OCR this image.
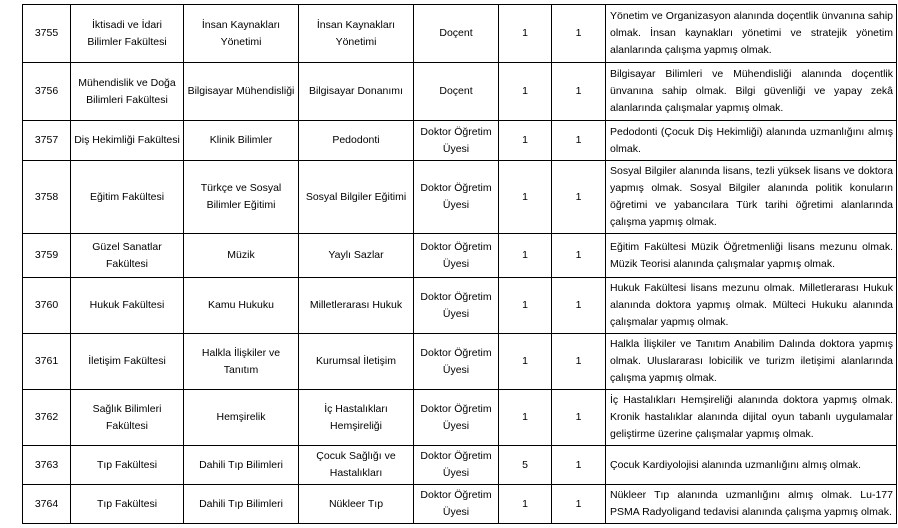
3755	İktisadi ve İdari Bilimler Fakültesi	İnsan Kaynakları Yönetimi	İnsan Kaynakları Yönetimi	Doçent	1	1	Yönetim ve Organizasyon alanında doçentlik ünvanına sahip olmak. İnsan kaynakları yönetimi ve stratejik yönetim alanlarında çalışma yapmış olmak.
3756	Mühendislik ve Doğa Bilimleri Fakültesi	Bilgisayar Mühendisliği	Bilgisayar Donanımı	Doçent	1	1	Bilgisayar Bilimleri ve Mühendisliği alanında doçentlik ünvanına sahip olmak. Bilgi güvenliği ve yapay zekâ alanlarında çalışmalar yapmış olmak.
3757	Diş Hekimliği Fakültesi	Klinik Bilimler	Pedodonti	Doktor Öğretim Üyesi	1	1	Pedodonti (Çocuk Diş Hekimliği) alanında uzmanlığını almış olmak.
3758	Eğitim Fakültesi	Türkçe ve Sosyal Bilimler Eğitimi	Sosyal Bilgiler Eğitimi	Doktor Öğretim Üyesi	1	1	Sosyal Bilgiler alanında lisans, tezli yüksek lisans ve doktora yapmış olmak. Sosyal Bilgiler alanında politik konuların öğretimi ve yabancılara Türk tarihi öğretimi alanlarında çalışma yapmış olmak.
3759	Güzel Sanatlar Fakültesi	Müzik	Yaylı Sazlar	Doktor Öğretim Üyesi	1	1	Eğitim Fakültesi Müzik Öğretmenliği lisans mezunu olmak. Müzik Teorisi alanında çalışmalar yapmış olmak.
3760	Hukuk Fakültesi	Kamu Hukuku	Milletlerarası Hukuk	Doktor Öğretim Üyesi	1	1	Hukuk Fakültesi lisans mezunu olmak. Milletlerarası Hukuk alanında doktora yapmış olmak. Mülteci Hukuku alanında çalışmalar yapmış olmak.
3761	İletişim Fakültesi	Halkla İlişkiler ve Tanıtım	Kurumsal İletişim	Doktor Öğretim Üyesi	1	1	Halkla İlişkiler ve Tanıtım Anabilim Dalında doktora yapmış olmak. Uluslararası lobicilik ve turizm iletişimi alanlarında çalışma yapmış olmak.
3762	Sağlık Bilimleri Fakültesi	Hemşirelik	İç Hastalıkları Hemşireliği	Doktor Öğretim Üyesi	1	1	İç Hastalıkları Hemşireliği alanında doktora yapmış olmak. Kronik hastalıklar alanında dijital oyun tabanlı uygulamalar geliştirme üzerine çalışmalar yapmış olmak.
3763	Tıp Fakültesi	Dahili Tıp Bilimleri	Çocuk Sağlığı ve Hastalıkları	Doktor Öğretim Üyesi	5	1	Çocuk Kardiyolojisi alanında uzmanlığını almış olmak.
3764	Tıp Fakültesi	Dahili Tıp Bilimleri	Nükleer Tıp	Doktor Öğretim Üyesi	1	1	Nükleer Tıp alanında uzmanlığını almış olmak. Lu-177 PSMA Radyoligand tedavisi alanında çalışma yapmış olmak.
